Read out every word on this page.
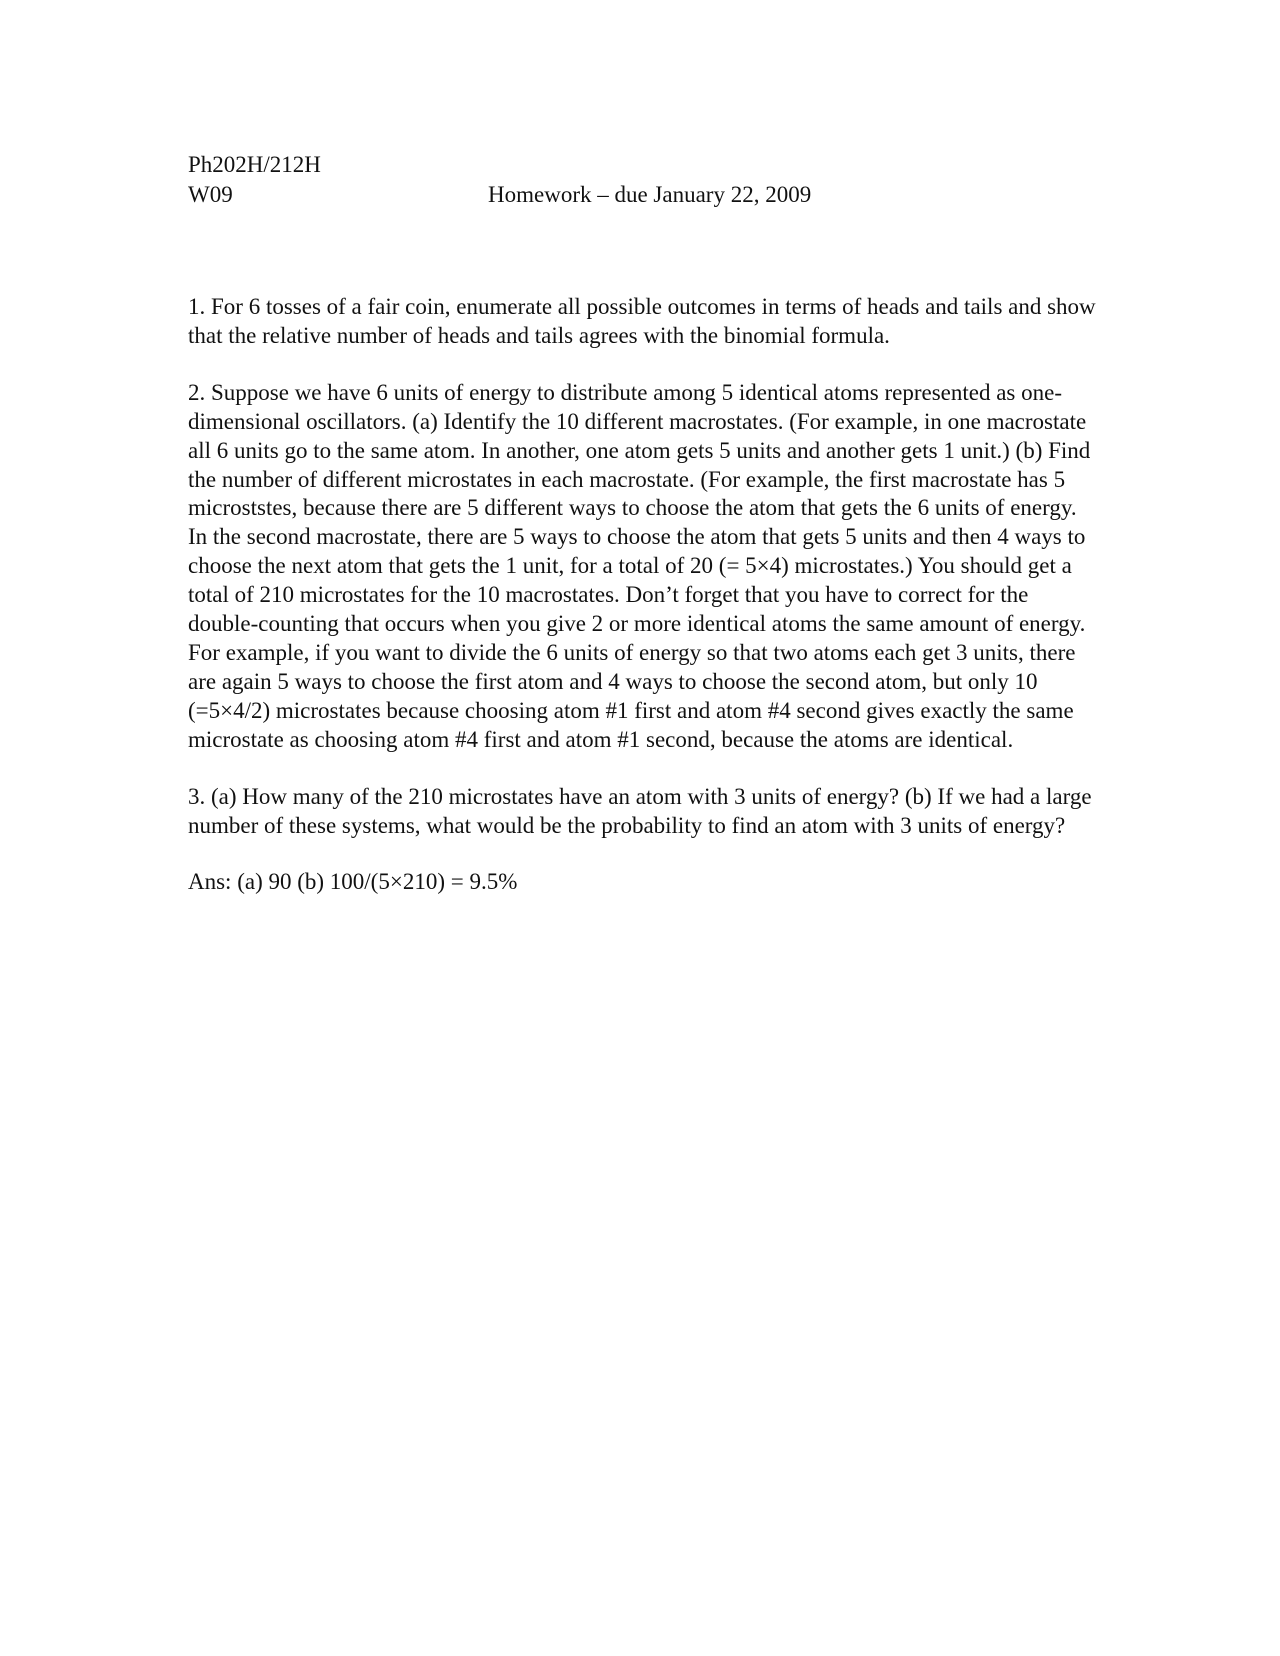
Ph202H/212H
W09	Homework – due January 22, 2009

1. For 6 tosses of a fair coin, enumerate all possible outcomes in terms of heads and tails and show that the relative number of heads and tails agrees with the binomial formula.

2. Suppose we have 6 units of energy to distribute among 5 identical atoms represented as one-dimensional oscillators. (a) Identify the 10 different macrostates. (For example, in one macrostate all 6 units go to the same atom. In another, one atom gets 5 units and another gets 1 unit.) (b) Find the number of different microstates in each macrostate. (For example, the first macrostate has 5 microststes, because there are 5 different ways to choose the atom that gets the 6 units of energy. In the second macrostate, there are 5 ways to choose the atom that gets 5 units and then 4 ways to choose the next atom that gets the 1 unit, for a total of 20 (= 5×4) microstates.) You should get a total of 210 microstates for the 10 macrostates. Don’t forget that you have to correct for the double-counting that occurs when you give 2 or more identical atoms the same amount of energy. For example, if you want to divide the 6 units of energy so that two atoms each get 3 units, there are again 5 ways to choose the first atom and 4 ways to choose the second atom, but only 10 (=5×4/2) microstates because choosing atom #1 first and atom #4 second gives exactly the same microstate as choosing atom #4 first and atom #1 second, because the atoms are identical.

3. (a) How many of the 210 microstates have an atom with 3 units of energy? (b) If we had a large number of these systems, what would be the probability to find an atom with 3 units of energy?

Ans: (a) 90 (b) 100/(5×210) = 9.5%
